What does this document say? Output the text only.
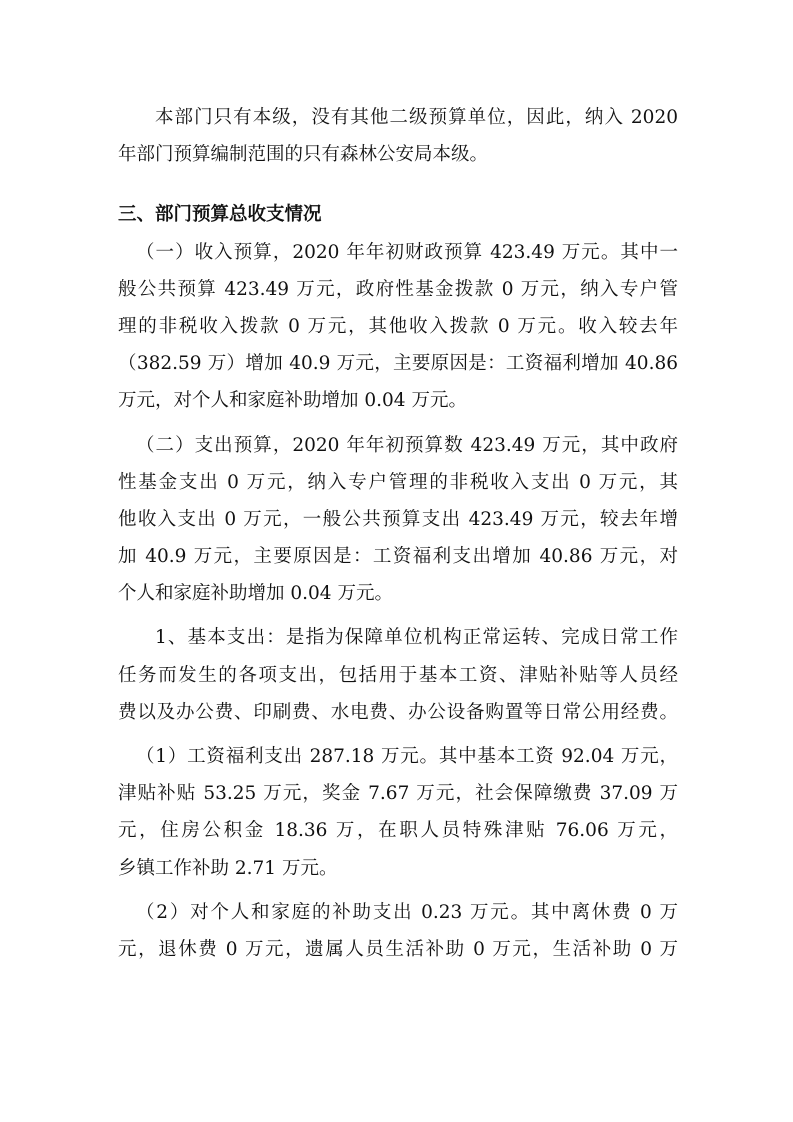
本部门只有本级，没有其他二级预算单位，因此，纳入 2020
年部门预算编制范围的只有森林公安局本级。
三、部门预算总收支情况
（一）收入预算，2020 年年初财政预算 423.49 万元。其中一
般公共预算 423.49 万元，政府性基金拨款 0 万元，纳入专户管
理的非税收入拨款 0 万元，其他收入拨款 0 万元。收入较去年
（382.59 万）增加 40.9 万元，主要原因是：工资福利增加 40.86
万元，对个人和家庭补助增加 0.04 万元。
（二）支出预算，2020 年年初预算数 423.49 万元，其中政府
性基金支出 0 万元，纳入专户管理的非税收入支出 0 万元，其
他收入支出 0 万元，一般公共预算支出 423.49 万元，较去年增
加 40.9 万元，主要原因是：工资福利支出增加 40.86 万元，对
个人和家庭补助增加 0.04 万元。
1、基本支出：是指为保障单位机构正常运转、完成日常工作
任务而发生的各项支出，包括用于基本工资、津贴补贴等人员经
费以及办公费、印刷费、水电费、办公设备购置等日常公用经费。
（1）工资福利支出 287.18 万元。其中基本工资 92.04 万元，
津贴补贴 53.25 万元，奖金 7.67 万元，社会保障缴费 37.09 万
元，住房公积金 18.36 万，在职人员特殊津贴 76.06 万元，
乡镇工作补助 2.71 万元。
（2）对个人和家庭的补助支出 0.23 万元。其中离休费 0 万
元，退休费 0 万元，遗属人员生活补助 0 万元，生活补助 0 万
